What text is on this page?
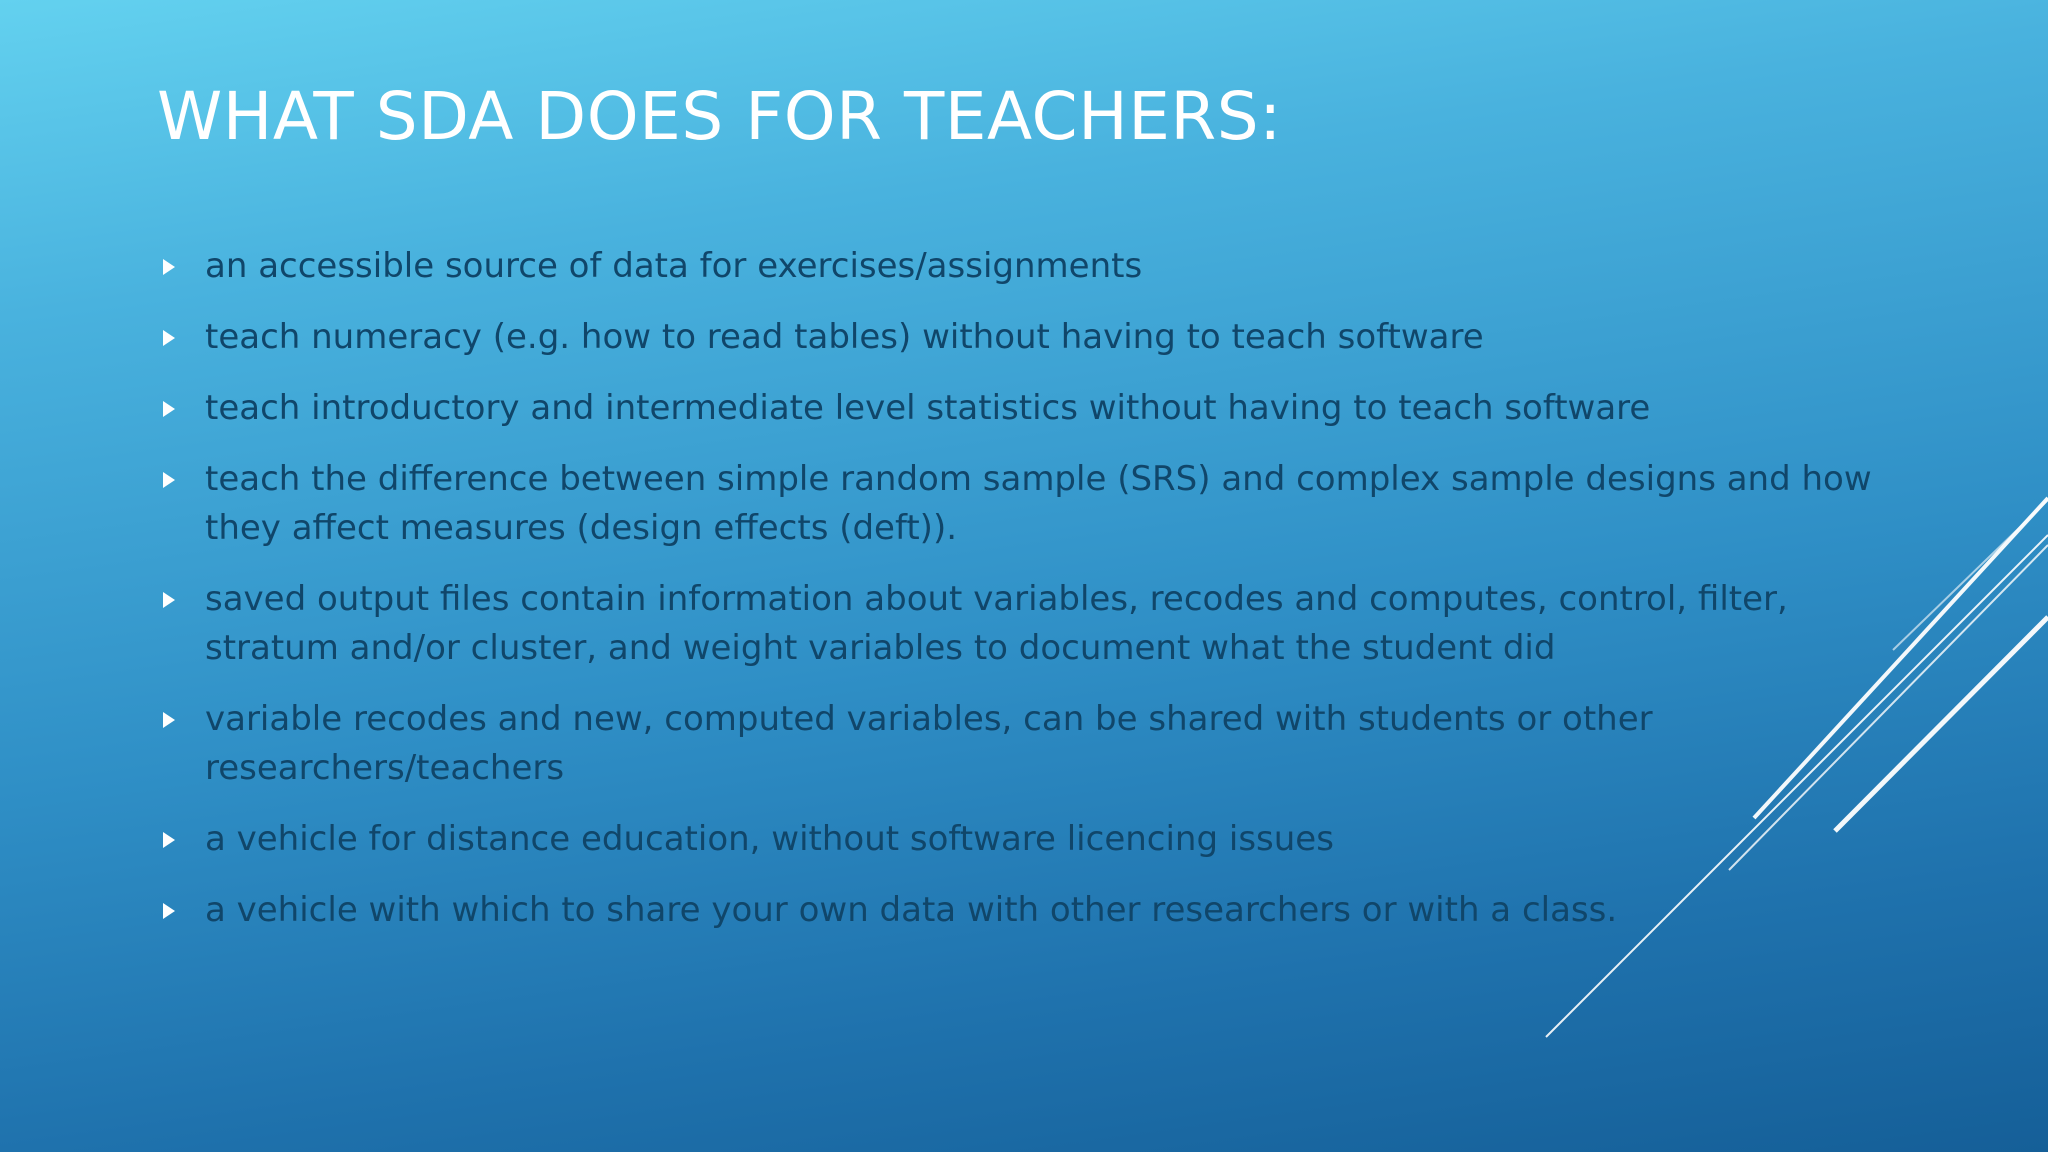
WHAT SDA DOES FOR TEACHERS:
an accessible source of data for exercises/assignments
teach numeracy (e.g. how to read tables) without having to teach software
teach introductory and intermediate level statistics without having to teach software
teach the difference between simple random sample (SRS) and complex sample designs and how they affect measures (design effects (deft)).
saved output files contain information about variables, recodes and computes, control, filter, stratum and/or cluster, and weight variables to document what the student did
variable recodes and new, computed variables, can be shared with students or other researchers/teachers
a vehicle for distance education, without software licencing issues
a vehicle with which to share your own data with other researchers or with a class.
